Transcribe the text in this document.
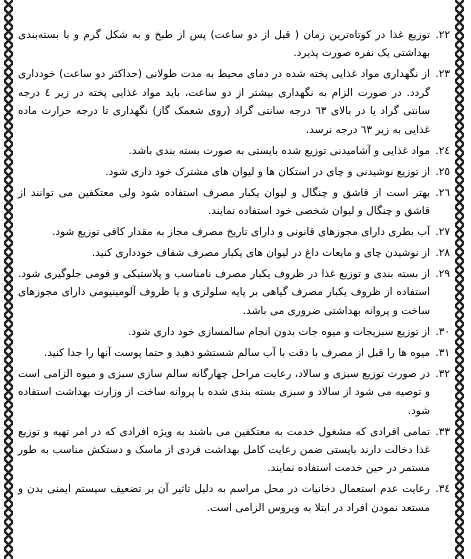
۲۲.توزیع غذا در کوتاه‌ترین زمان ( قبل از دو ساعت) پس از طبخ و به شکل گرم و با بسته‌بندی بهداشتی یک نفره صورت پذیرد.

۲۳.از نگهداری مواد غذایی پخته شده در دمای محیط به مدت طولانی (حداکثر دو ساعت) خودداری گردد. در صورت الزام به نگهداری بیشتر از دو ساعت، باید مواد غذایی پخته در زیر ٤ درجه سانتی گراد یا در بالای ٦٣ درجه سانتی گراد (روی شعمک گاز) نگهداری تا درجه حرارت ماده غذایی به زیر ٦٣ درجه نرسد.

۲٤.مواد غذایی و آشامیدنی توزیع شده بایستی به صورت بسته بندی باشد.

۲٥.از توزیع نوشیدنی و چای در استکان ها و لیوان های مشترک خود داری شود.

۲٦.بهتر است از قاشق و چنگال و لیوان یکبار مصرف استفاده شود ولی معتکفین می توانند از قاشق و چنگال و لیوان شخصی خود استفاده نمایند.

۲۷.آب بطری دارای مجوزهای قانونی و دارای تاریخ مصرف مجاز به مقدار کافی توزیع شود.

۲۸.از نوشیدن چای و مایعات داغ در لیوان های یکبار مصرف شفاف خودداری کنید.

۲۹.از بسته بندی و توزیع غذا در ظروف یکبار مصرف نامناسب و پلاستیکی و فومی جلوگیری شود. استفاده از ظروف یکبار مصرف گیاهی بر پایه سلولزی و یا ظروف آلومینیومی دارای مجوزهای ساخت و پروانه بهداشتی ضروری می باشد.

۳۰.از توزیع سبزیجات و میوه جات بدون انجام سالمسازی خود داری شود.

۳۱.میوه ها را قبل از مصرف با دقت با آب سالم شستشو دهید و حتما پوست آنها را جدا کنید.

۳۲.در صورت توزیع سبزی و سالاد، رعایت مراحل چهارگانه سالم سازی سبزی و میوه الزامی است و توصیه می شود از سالاد و سبزی بسته بندی شده با پروانه ساخت از وزارت بهداشت استفاده شود.

۳۳.تمامی افرادی که مشغول خدمت به معتکفین می باشند به ویژه افرادی که در امر تهیه و توزیع غذا دخالت دارند بایستی ضمن رعایت کامل بهداشت فردی از ماسک و دستکش مناسب به طور مستمر در حین خدمت استفاده نمایند.

۳٤.رعایت عدم استعمال دخانیات در محل مراسم به دلیل تاثیر آن بر تضعیف سیستم ایمنی بدن و مستعد نمودن افراد در ابتلا به ویروس الزامی است.
